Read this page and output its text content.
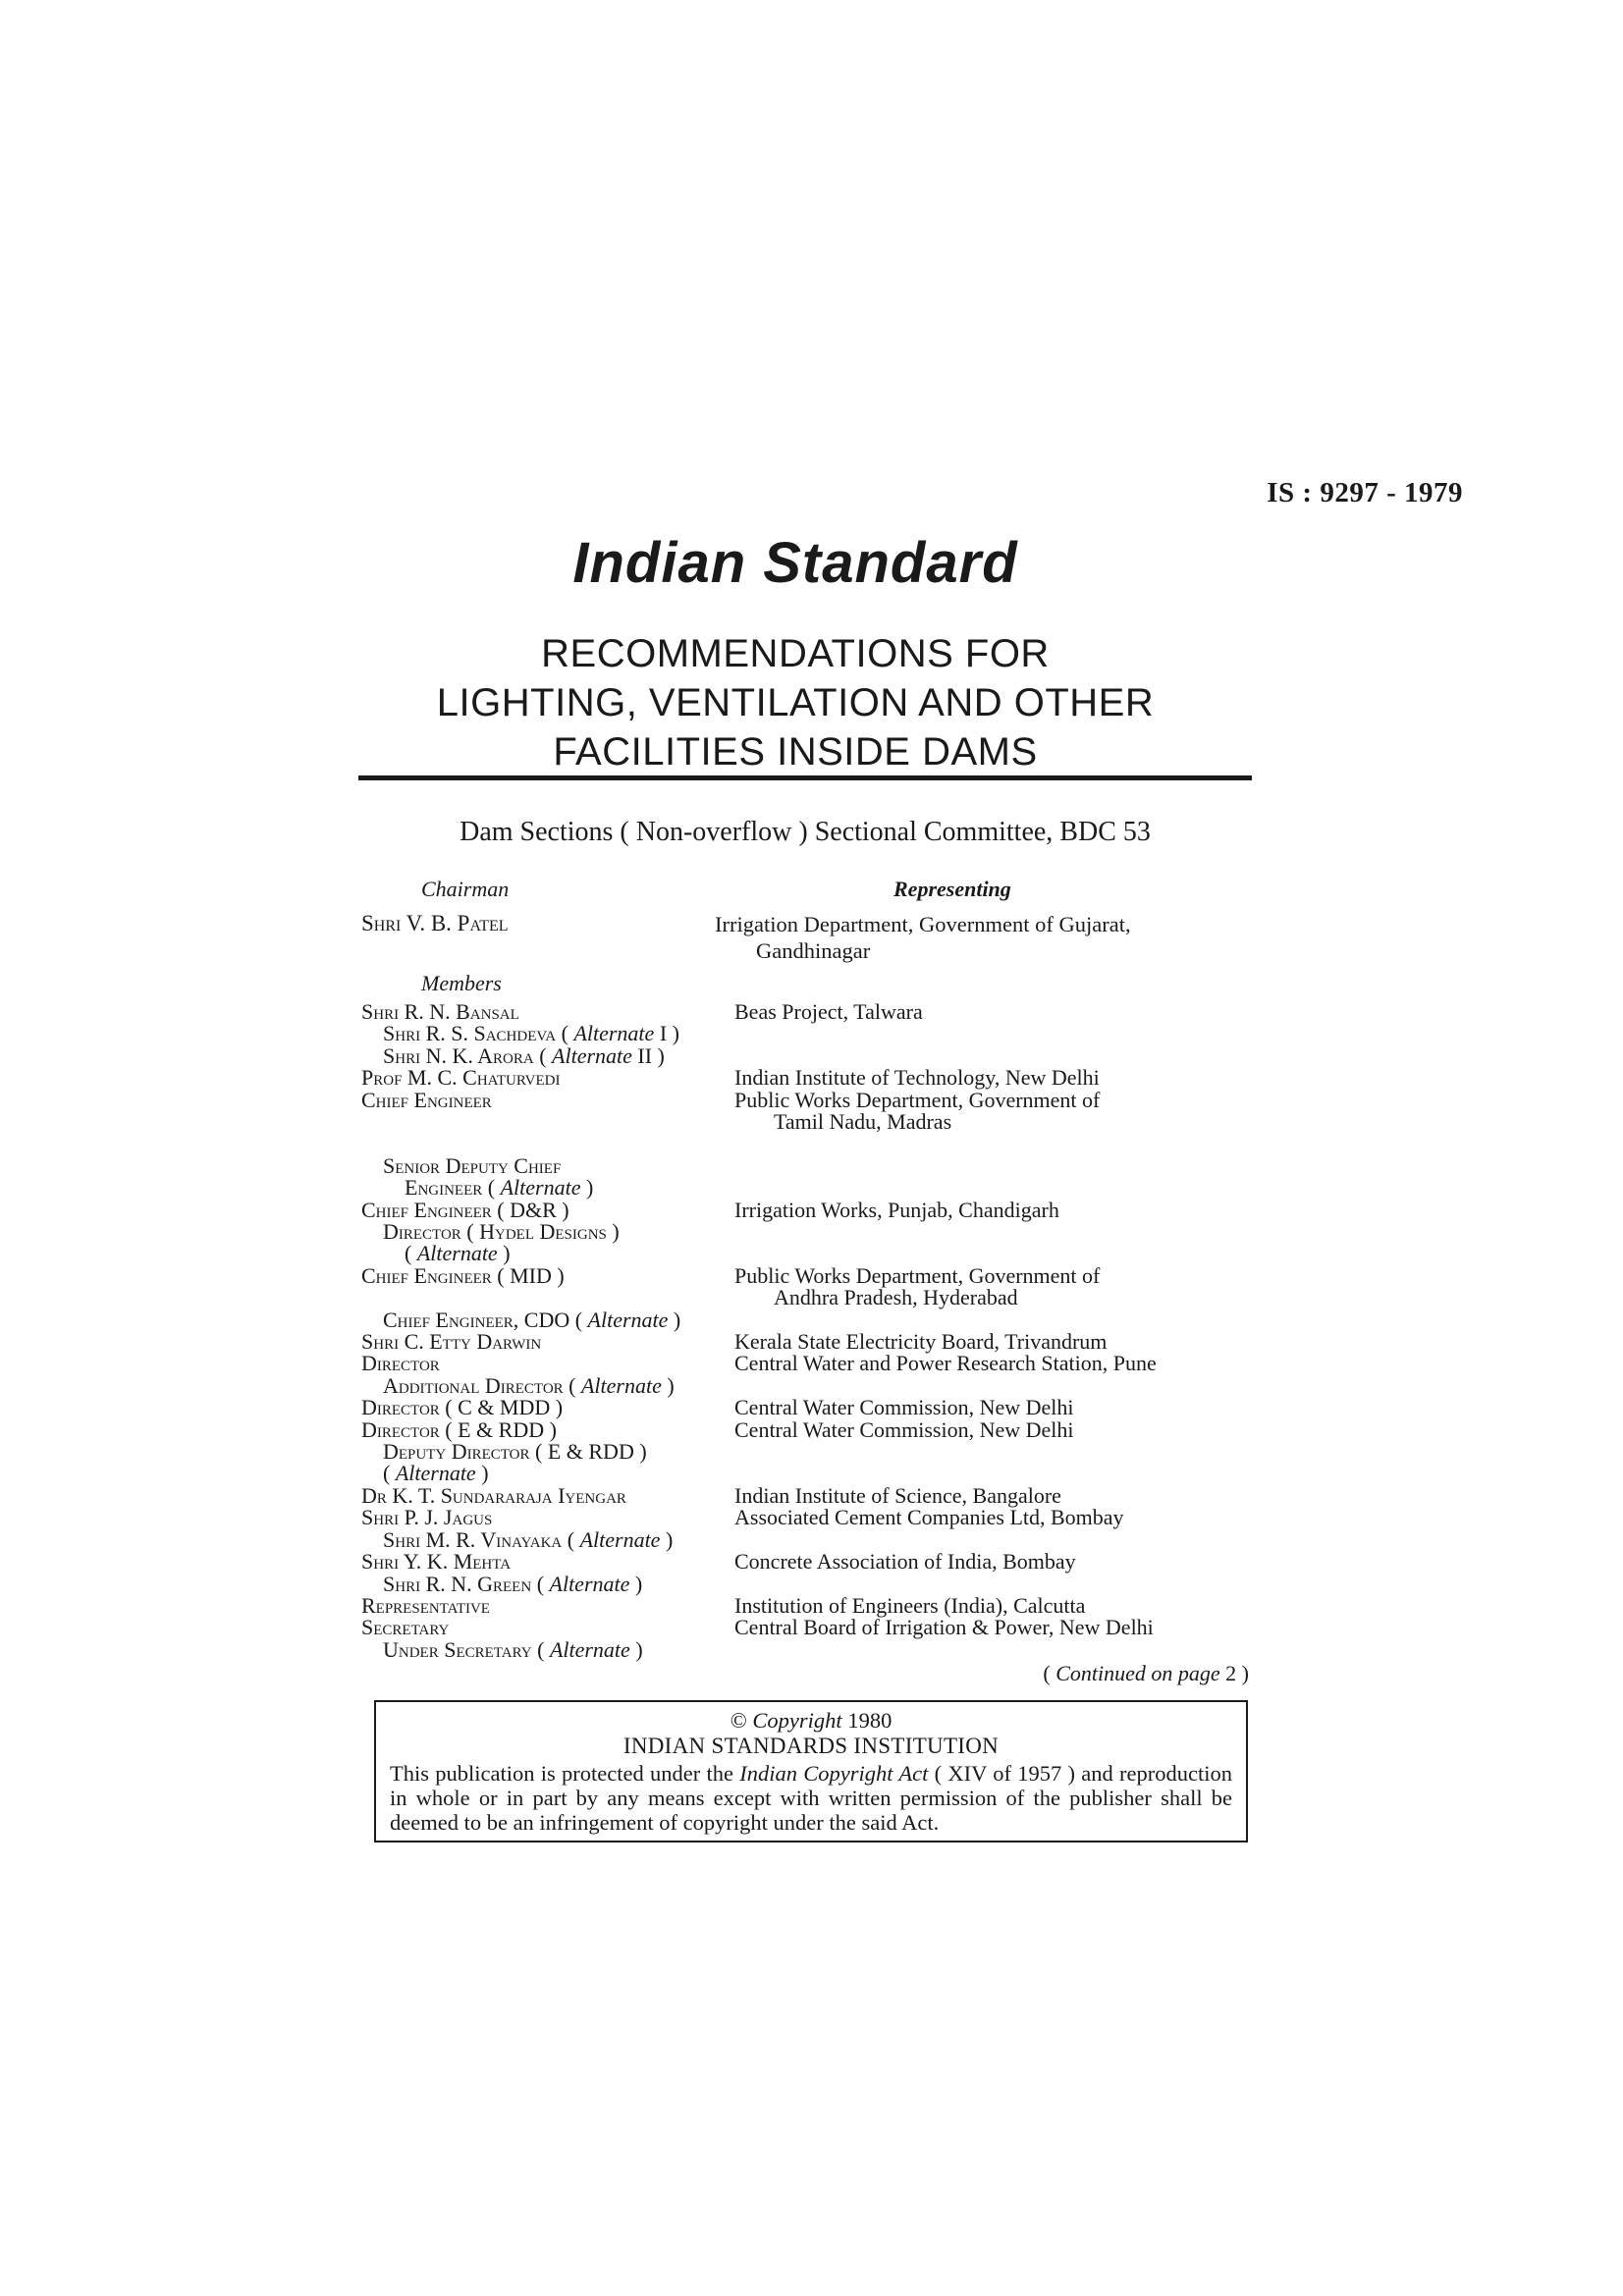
IS : 9297 - 1979
Indian Standard
RECOMMENDATIONS FOR
LIGHTING, VENTILATION AND OTHER
FACILITIES INSIDE DAMS
Dam Sections ( Non-overflow ) Sectional Committee, BDC 53
Chairman	Representing
Shri V. B. Patel	Irrigation Department, Government of Gujarat,
Gandhinagar
Members
Shri R. N. Bansal	Beas Project, Talwara
Shri R. S. Sachdeva ( Alternate I )
Shri N. K. Arora ( Alternate II )
Prof M. C. Chaturvedi	Indian Institute of Technology, New Delhi
Chief Engineer	Public Works Department, Government of
Tamil Nadu, Madras
Senior Deputy Chief
Engineer ( Alternate )
Chief Engineer ( D&R )	Irrigation Works, Punjab, Chandigarh
Director ( Hydel Designs )
( Alternate )
Chief Engineer ( MID )	Public Works Department, Government of
Andhra Pradesh, Hyderabad
Chief Engineer, CDO ( Alternate )
Shri C. Etty Darwin	Kerala State Electricity Board, Trivandrum
Director	Central Water and Power Research Station, Pune
Additional Director ( Alternate )
Director ( C & MDD )	Central Water Commission, New Delhi
Director ( E & RDD )	Central Water Commission, New Delhi
Deputy Director ( E & RDD )
( Alternate )
Dr K. T. Sundararaja Iyengar	Indian Institute of Science, Bangalore
Shri P. J. Jagus	Associated Cement Companies Ltd, Bombay
Shri M. R. Vinayaka ( Alternate )
Shri Y. K. Mehta	Concrete Association of India, Bombay
Shri R. N. Green ( Alternate )
Representative	Institution of Engineers (India), Calcutta
Secretary	Central Board of Irrigation & Power, New Delhi
Under Secretary ( Alternate )
( Continued on page 2 )
© Copyright 1980
INDIAN STANDARDS INSTITUTION
This publication is protected under the Indian Copyright Act ( XIV of 1957 ) and reproduction in whole or in part by any means except with written permission of the publisher shall be deemed to be an infringement of copyright under the said Act.
